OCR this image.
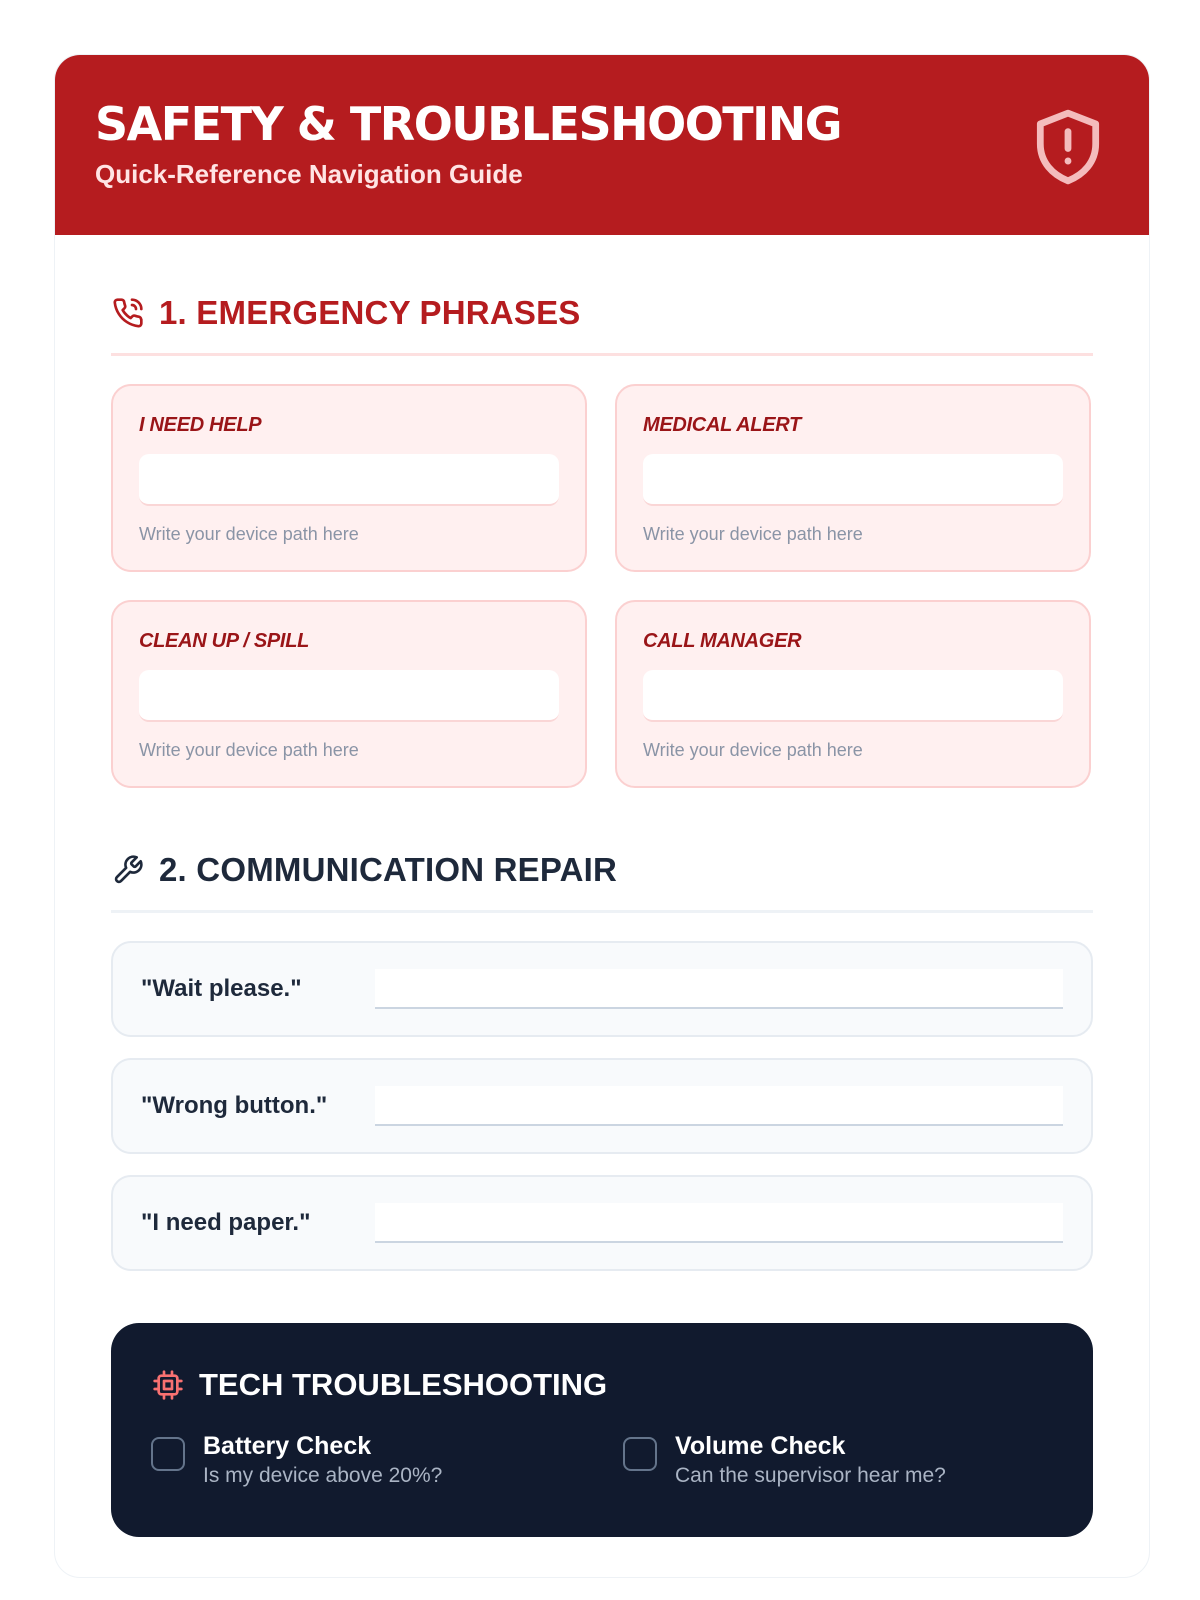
SAFETY & TROUBLESHOOTING
Quick-Reference Navigation Guide
1. EMERGENCY PHRASES
I NEED HELP
Write your device path here
MEDICAL ALERT
Write your device path here
CLEAN UP / SPILL
Write your device path here
CALL MANAGER
Write your device path here
2. COMMUNICATION REPAIR
"Wait please."
"Wrong button."
"I need paper."
TECH TROUBLESHOOTING
Battery Check
Is my device above 20%?
Volume Check
Can the supervisor hear me?
